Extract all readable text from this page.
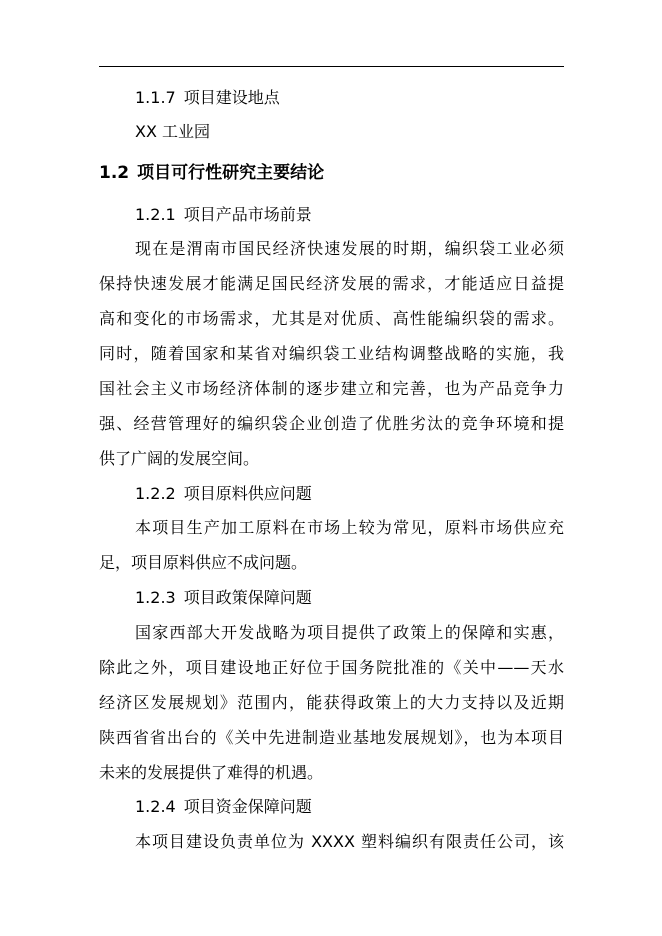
1.1.7 项目建设地点
XX 工业园
1.2 项目可行性研究主要结论
1.2.1 项目产品市场前景
现在是渭南市国民经济快速发展的时期，编织袋工业必须
保持快速发展才能满足国民经济发展的需求，才能适应日益提
高和变化的市场需求，尤其是对优质、高性能编织袋的需求。
同时，随着国家和某省对编织袋工业结构调整战略的实施，我
国社会主义市场经济体制的逐步建立和完善，也为产品竞争力
强、经营管理好的编织袋企业创造了优胜劣汰的竞争环境和提
供了广阔的发展空间。
1.2.2 项目原料供应问题
本项目生产加工原料在市场上较为常见，原料市场供应充
足，项目原料供应不成问题。
1.2.3 项目政策保障问题
国家西部大开发战略为项目提供了政策上的保障和实惠，
除此之外，项目建设地正好位于国务院批准的《关中——天水
经济区发展规划》范围内，能获得政策上的大力支持以及近期
陕西省省出台的《关中先进制造业基地发展规划》，也为本项目
未来的发展提供了难得的机遇。
1.2.4 项目资金保障问题
本项目建设负责单位为 XXXX 塑料编织有限责任公司，该
